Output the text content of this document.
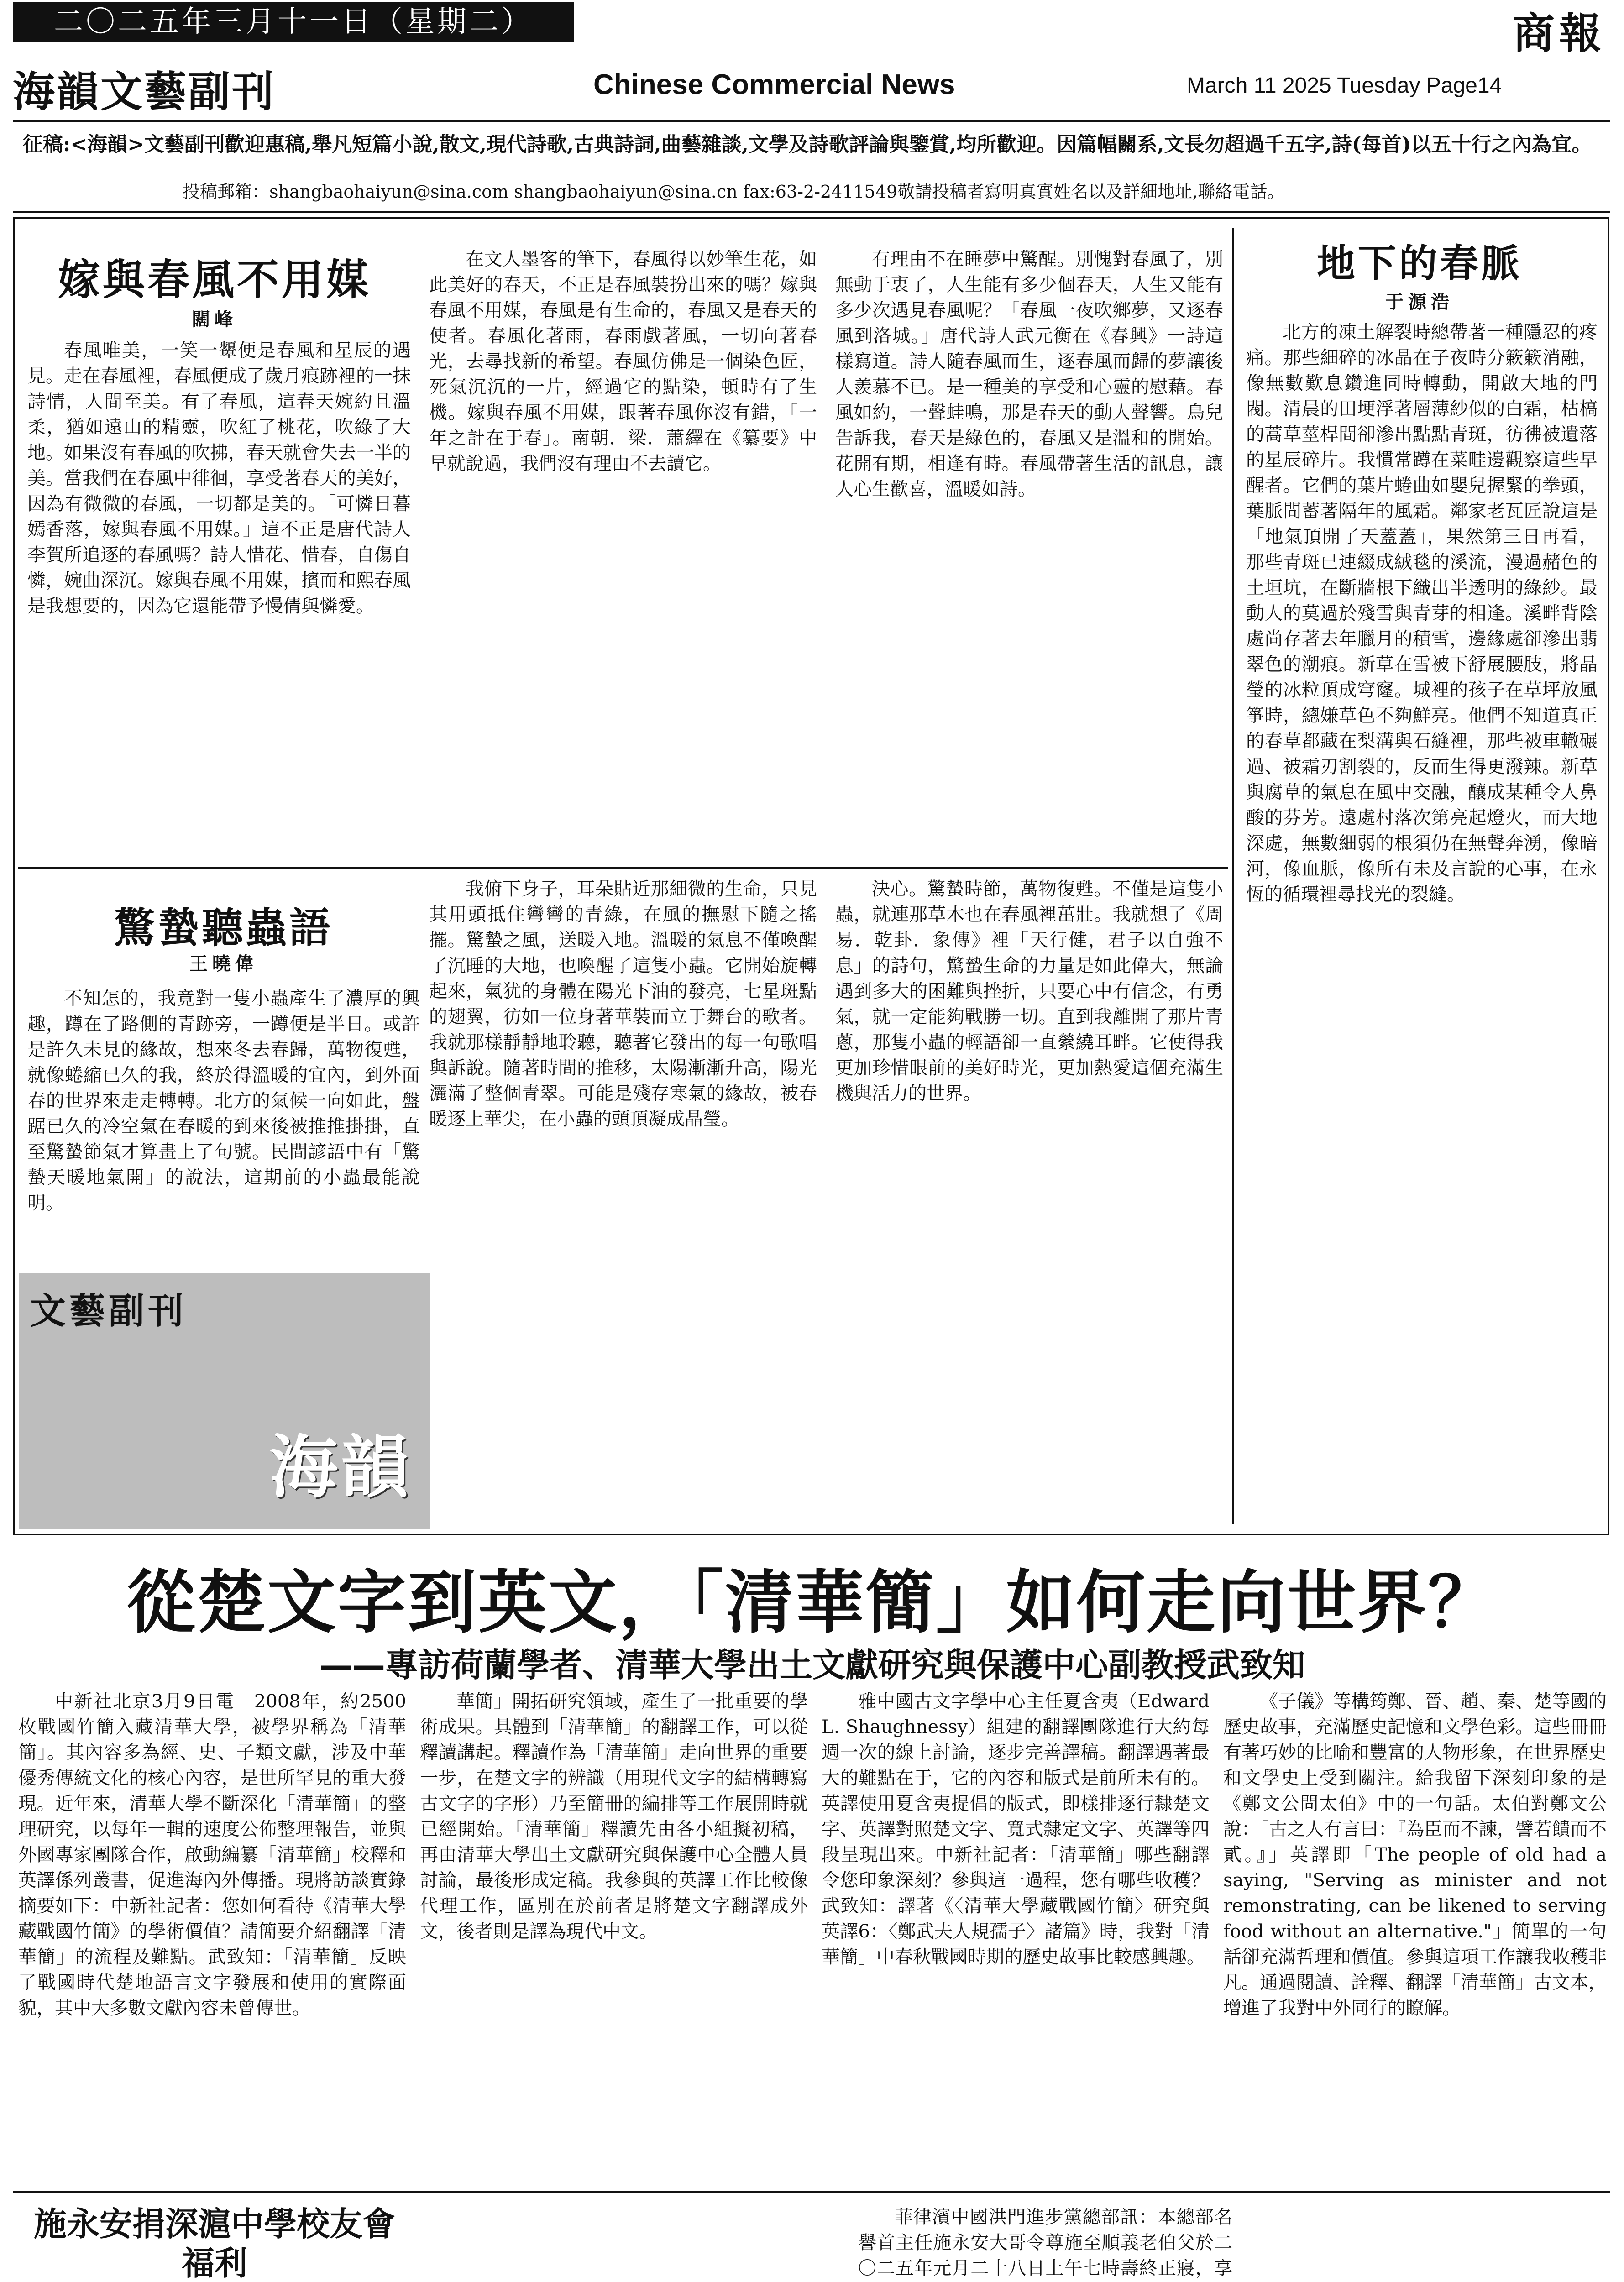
二〇二五年三月十一日（星期二）	商報
海韻文藝副刊	Chinese Commercial News	March 11 2025 Tuesday Page14
征稿:<海韻>文藝副刊歡迎惠稿,舉凡短篇小說,散文,現代詩歌,古典詩詞,曲藝雜談,文學及詩歌評論與鑒賞,均所歡迎。因篇幅關系,文長勿超過千五字,詩(每首)以五十行之內為宜。
投稿郵箱：shangbaohaiyun@sina.com shangbaohaiyun@sina.cn fax:63-2-2411549敬請投稿者寫明真實姓名以及詳細地址,聯絡電話。
嫁與春風不用媒
闊峰

春風唯美，一笑一顰便是春風和星辰的遇見。走在春風裡，春風便成了歲月痕跡裡的一抹詩情，人間至美。有了春風，這春天婉約且溫柔，猶如遠山的精靈，吹紅了桃花，吹綠了大地。如果沒有春風的吹拂，春天就會失去一半的美。當我們在春風中徘徊，享受著春天的美好，因為有微微的春風，一切都是美的。「可憐日暮嫣香落，嫁與春風不用媒。」這不正是唐代詩人李賀所追逐的春風嗎？詩人惜花、惜春，自傷自憐，婉曲深沉。嫁與春風不用媒，擯而和熙春風是我想要的，因為它還能帶予慢倩與憐愛。

在文人墨客的筆下，春風得以妙筆生花，如此美好的春天，不正是春風裝扮出來的嗎？嫁與春風不用媒，春風是有生命的，春風又是春天的使者。春風化著雨，春雨戲著風，一切向著春光，去尋找新的希望。春風仿佛是一個染色匠，死氣沉沉的一片，經過它的點染，頓時有了生機。嫁與春風不用媒，跟著春風你沒有錯，「一年之計在于春」。南朝．梁．蕭繹在《纂要》中早就說過，我們沒有理由不去讀它。

有理由不在睡夢中驚醒。別愧對春風了，別無動于衷了，人生能有多少個春天，人生又能有多少次遇見春風呢？「春風一夜吹鄉夢，又逐春風到洛城。」唐代詩人武元衡在《春興》一詩這樣寫道。詩人隨春風而生，逐春風而歸的夢讓後人羨慕不已。是一種美的享受和心靈的慰藉。春風如約，一聲蛙鳴，那是春天的動人聲響。鳥兒告訴我，春天是綠色的，春風又是溫和的開始。花開有期，相逢有時。春風帶著生活的訊息，讓人心生歡喜，溫暖如詩。

地下的春脈
于源浩

北方的凍土解裂時總帶著一種隱忍的疼痛。那些細碎的冰晶在子夜時分簌簌消融，像無數歎息鑽進同時轉動，開啟大地的門閥。清晨的田埂浮著層薄紗似的白霜，枯槁的蒿草莖桿間卻滲出點點青斑，彷彿被遺落的星辰碎片。我慣常蹲在菜畦邊觀察這些早醒者。它們的葉片蜷曲如嬰兒握緊的拳頭，葉脈間蓄著隔年的風霜。鄰家老瓦匠說這是「地氣頂開了天蓋蓋」，果然第三日再看，那些青斑已連綴成絨毯的溪流，漫過赭色的土垣坑，在斷牆根下織出半透明的綠紗。最動人的莫過於殘雪與青芽的相逢。溪畔背陰處尚存著去年臘月的積雪，邊緣處卻滲出翡翠色的潮痕。新草在雪被下舒展腰肢，將晶瑩的冰粒頂成穹窿。城裡的孩子在草坪放風箏時，總嫌草色不夠鮮亮。他們不知道真正的春草都藏在梨溝與石縫裡，那些被車轍碾過、被霜刃割裂的，反而生得更潑辣。新草與腐草的氣息在風中交融，釀成某種令人鼻酸的芬芳。遠處村落次第亮起燈火，而大地深處，無數細弱的根須仍在無聲奔湧，像暗河，像血脈，像所有未及言說的心事，在永恆的循環裡尋找光的裂縫。

驚蟄聽蟲語
王曉偉

不知怎的，我竟對一隻小蟲產生了濃厚的興趣，蹲在了路側的青跡旁，一蹲便是半日。或許是許久未見的緣故，想來冬去春歸，萬物復甦，就像蜷縮已久的我，終於得溫暖的宜內，到外面春的世界來走走轉轉。北方的氣候一向如此，盤踞已久的冷空氣在春暖的到來後被推推掛掛，直至驚蟄節氣才算畫上了句號。民間諺語中有「驚蟄天暖地氣開」的說法，這期前的小蟲最能說明。

我俯下身子，耳朵貼近那細微的生命，只見其用頭抵住彎彎的青綠，在風的撫慰下隨之搖擺。驚蟄之風，送暖入地。溫暖的氣息不僅喚醒了沉睡的大地，也喚醒了這隻小蟲。它開始旋轉起來，氣犹的身體在陽光下油的發亮，七星斑點的翅翼，彷如一位身著華裝而立于舞台的歌者。我就那樣靜靜地聆聽，聽著它發出的每一句歌唱與訴說。隨著時間的推移，太陽漸漸升高，陽光灑滿了整個青翠。可能是殘存寒氣的緣故，被春暖逐上華尖，在小蟲的頭頂凝成晶瑩。

決心。驚蟄時節，萬物復甦。不僅是這隻小蟲，就連那草木也在春風裡茁壯。我就想了《周易．乾卦．象傳》裡「天行健，君子以自強不息」的詩句，驚蟄生命的力量是如此偉大，無論遇到多大的困難與挫折，只要心中有信念，有勇氣，就一定能夠戰勝一切。直到我離開了那片青蔥，那隻小蟲的輕語卻一直縈繞耳畔。它使得我更加珍惜眼前的美好時光，更加熱愛這個充滿生機與活力的世界。

文藝副刊
海韻
從楚文字到英文，「清華簡」如何走向世界？
——專訪荷蘭學者、清華大學出土文獻研究與保護中心副教授武致知

中新社北京3月9日電　2008年，約2500枚戰國竹簡入藏清華大學，被學界稱為「清華簡」。其內容多為經、史、子類文獻，涉及中華優秀傳統文化的核心內容，是世所罕見的重大發現。近年來，清華大學不斷深化「清華簡」的整理研究，以每年一輯的速度公佈整理報告，並與外國專家團隊合作，啟動編纂「清華簡」校釋和英譯係列叢書，促進海內外傳播。現將訪談實錄摘要如下：中新社記者：您如何看待《清華大學藏戰國竹簡》的學術價值？請簡要介紹翻譯「清華簡」的流程及難點。武致知：「清華簡」反映了戰國時代楚地語言文字發展和使用的實際面貌，其中大多數文獻內容未曾傳世。

華簡」開拓研究領域，產生了一批重要的學術成果。具體到「清華簡」的翻譯工作，可以從釋讀講起。釋讀作為「清華簡」走向世界的重要一步，在楚文字的辨識（用現代文字的結構轉寫古文字的字形）乃至簡冊的編排等工作展開時就已經開始。「清華簡」釋讀先由各小組擬初稿，再由清華大學出土文獻研究與保護中心全體人員討論，最後形成定稿。我參與的英譯工作比較像代理工作，區別在於前者是將楚文字翻譯成外文，後者則是譯為現代中文。

雅中國古文字學中心主任夏含夷（Edward L. Shaughnessy）組建的翻譯團隊進行大約每週一次的線上討論，逐步完善譯稿。翻譯遇著最大的難點在于，它的內容和版式是前所未有的。英譯使用夏含夷提倡的版式，即樣排逐行隸楚文字、英譯對照楚文字、寬式隸定文字、英譯等四段呈現出來。中新社記者：「清華簡」哪些翻譯令您印象深刻？參與這一過程，您有哪些收穫？武致知：譯著《〈清華大學藏戰國竹簡〉研究與英譯6：〈鄭武夫人規孺子〉諸篇》時，我對「清華簡」中春秋戰國時期的歷史故事比較感興趣。

《子儀》等構筠鄭、晉、趙、秦、楚等國的歷史故事，充滿歷史記憶和文學色彩。這些冊冊有著巧妙的比喻和豐富的人物形象，在世界歷史和文學史上受到關注。給我留下深刻印象的是《鄭文公問太伯》中的一句話。太伯對鄭文公說：「古之人有言曰：『為臣而不諫，譬若饋而不貳。』」英譯即「The people of old had a saying, "Serving as minister and not remonstrating, can be likened to serving food without an alternative."」簡單的一句話卻充滿哲理和價值。參與這項工作讓我收穫非凡。通過閱讀、詮釋、翻譯「清華簡」古文本，增進了我對中外同行的瞭解。

施永安捐深滬中學校友會福利

菲律濱中國洪門進步黨總部訊：本總部名譽首主任施永安大哥令尊施至順義老伯父於二〇二五年元月二十八日上午七時壽終正寢，享
